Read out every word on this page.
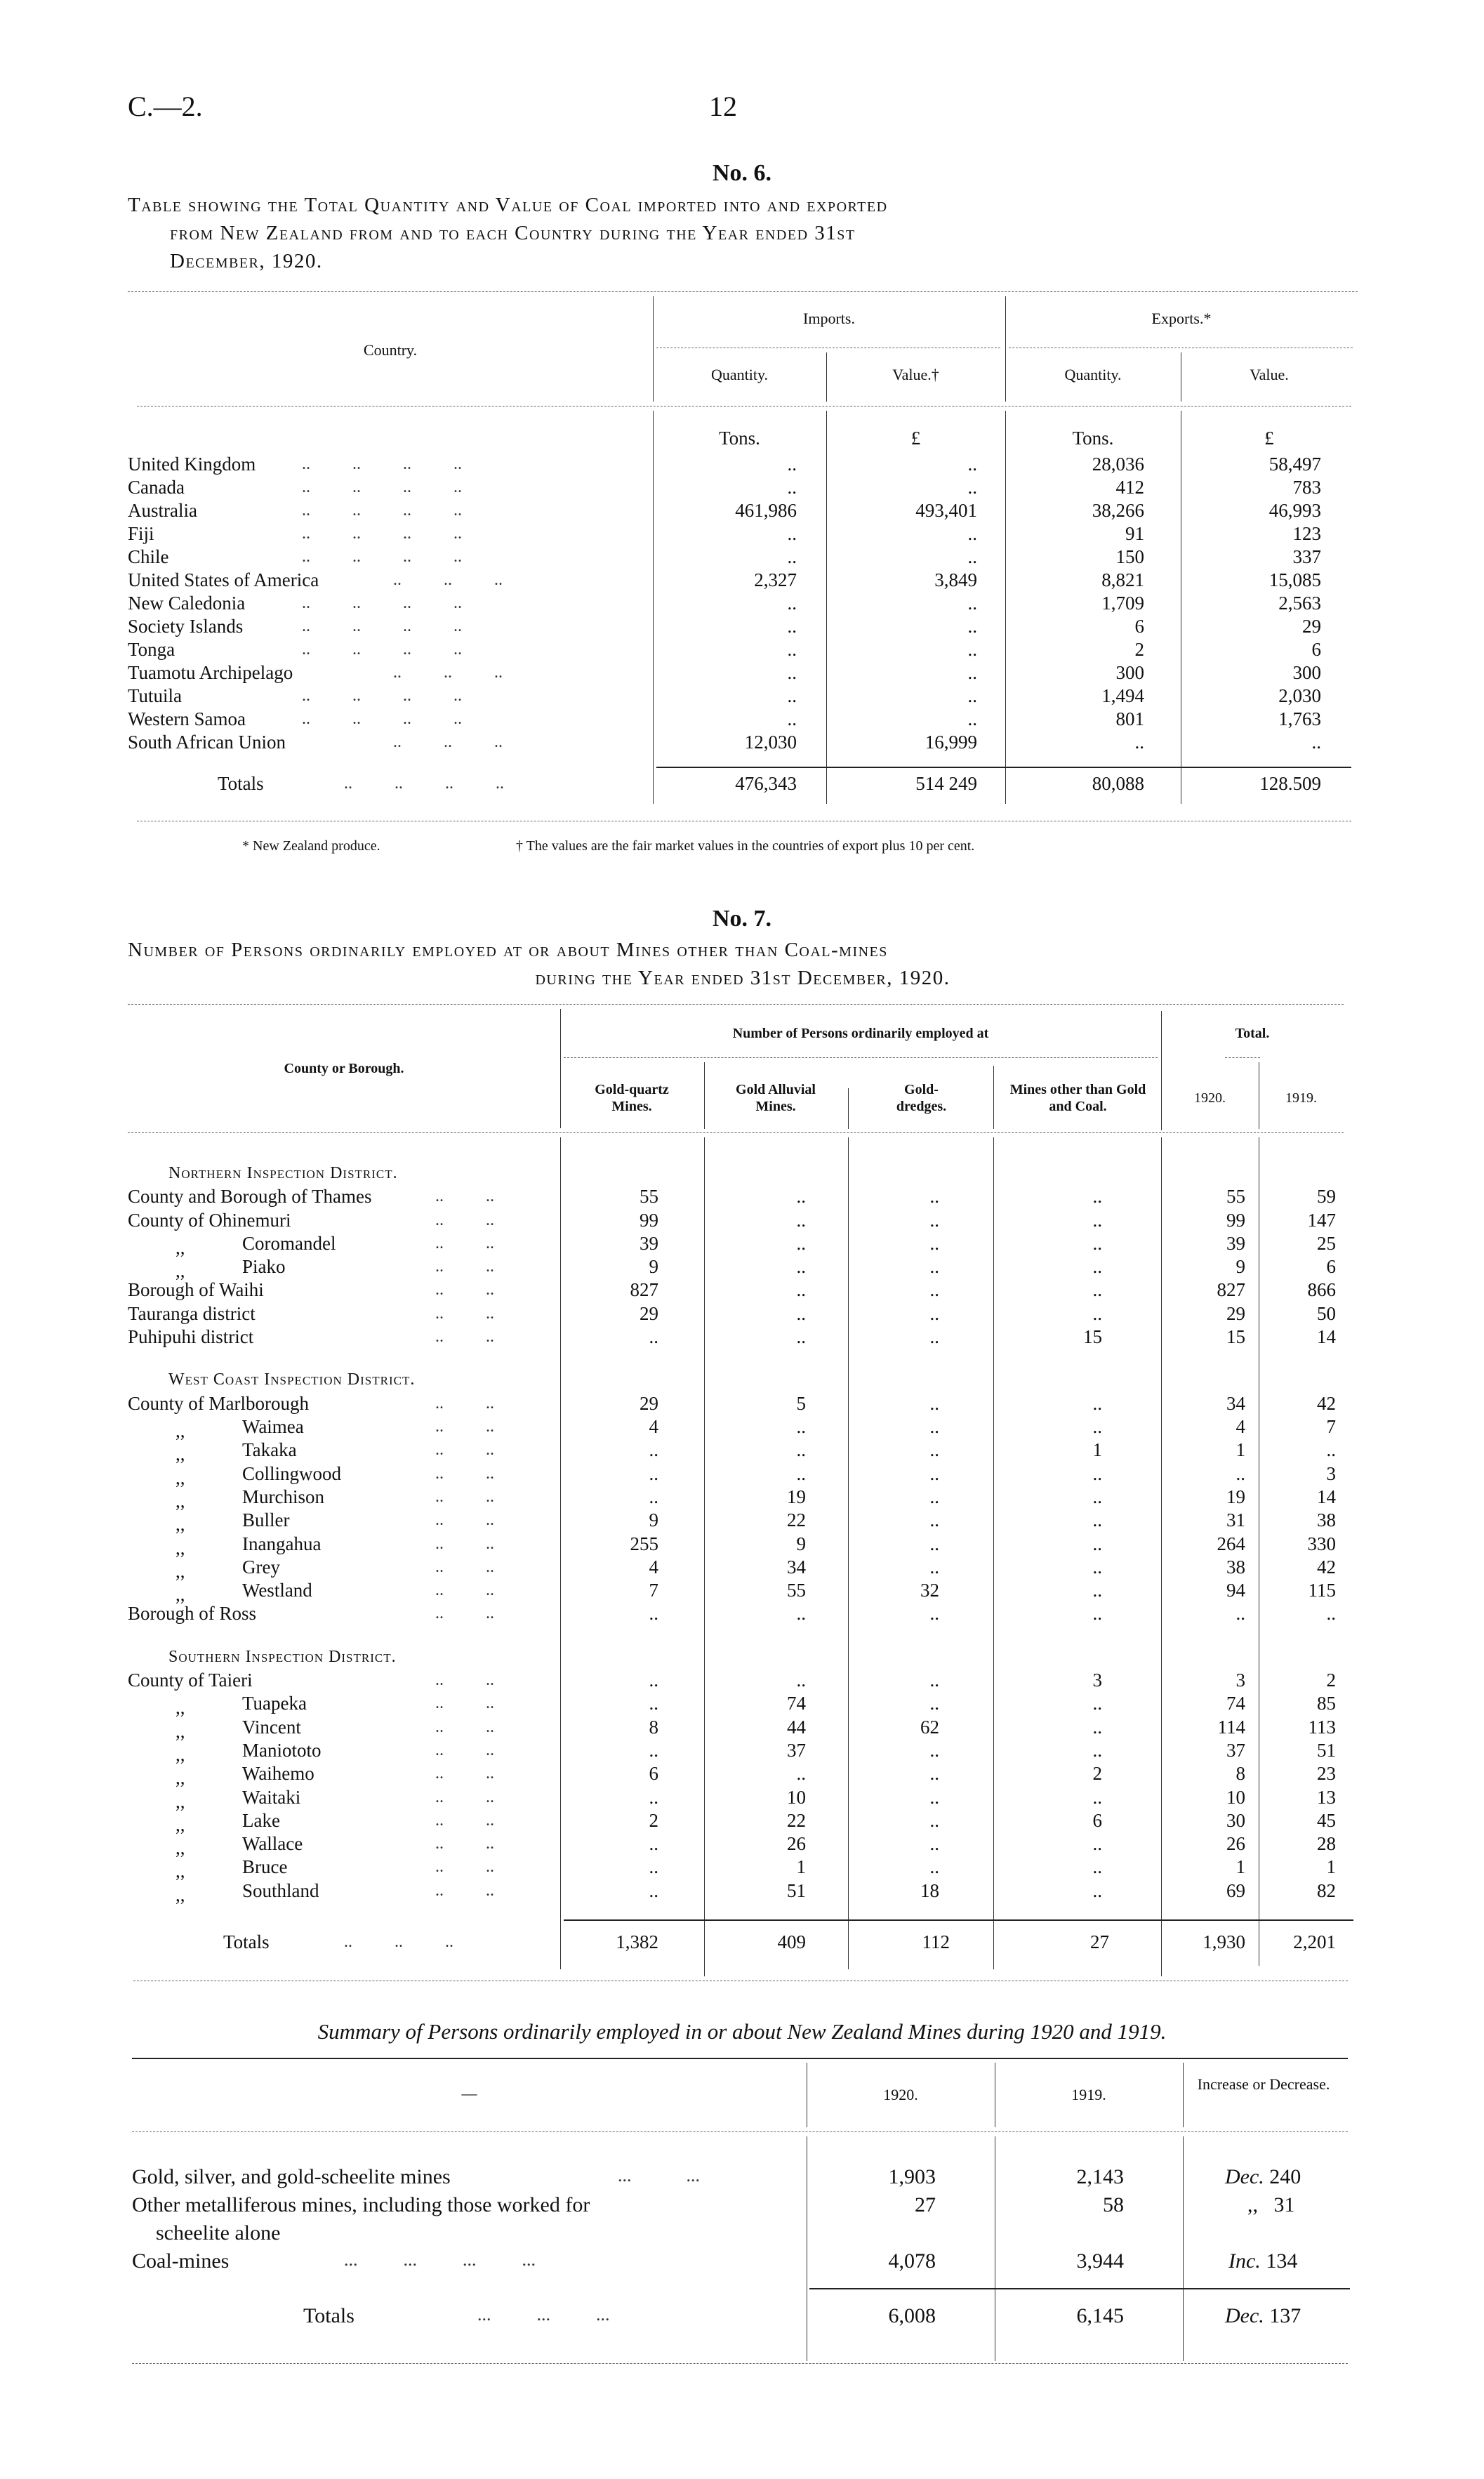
C.—2.	12
No. 6.
Table showing the Total Quantity and Value of Coal imported into and exported
from New Zealand from and to each Country during the Year ended 31st
December, 1920.
Country.
Imports.	Exports.*
Quantity.	Value.†	Quantity.	Value.
Tons.	£	Tons.	£
United Kingdom	..          ..          ..          ..	..	..	28,036	58,497
Canada	..          ..          ..          ..	..	..	412	783
Australia	..          ..          ..          ..	461,986	493,401	38,266	46,993
Fiji	..          ..          ..          ..	..	..	91	123
Chile	..          ..          ..          ..	..	..	150	337
United States of America	..          ..          ..	2,327	3,849	8,821	15,085
New Caledonia	..          ..          ..          ..	..	..	1,709	2,563
Society Islands	..          ..          ..          ..	..	..	6	29
Tonga	..          ..          ..          ..	..	..	2	6
Tuamotu Archipelago	..          ..          ..	..	..	300	300
Tutuila	..          ..          ..          ..	..	..	1,494	2,030
Western Samoa	..          ..          ..          ..	..	..	801	1,763
South African Union	..          ..          ..	12,030	16,999	..	..
Totals	..          ..          ..          ..	476,343	514 249	80,088	128.509
* New Zealand produce.	† The values are the fair market values in the countries of export plus 10 per cent.
No. 7.
Number of Persons ordinarily employed at or about Mines other than Coal-mines
during the Year ended 31st December, 1920.
County or Borough.
Number of Persons ordinarily employed at	Total.
Gold-quartz Mines.
Gold Alluvial Mines.
Gold-dredges.
Mines other than Gold and Coal.
1920.	1919.
Northern Inspection District.
County and Borough of Thames	..          ..	55	..	..	..	55	59
County of Ohinemuri	..          ..	99	..	..	..	99	147
,,	Coromandel	..          ..	39	..	..	..	39	25
,,	Piako	..          ..	9	..	..	..	9	6
Borough of Waihi	..          ..	827	..	..	..	827	866
Tauranga district	..          ..	29	..	..	..	29	50
Puhipuhi district	..          ..	..	..	..	15	15	14
West Coast Inspection District.
County of Marlborough	..          ..	29	5	..	..	34	42
,,	Waimea	..          ..	4	..	..	..	4	7
,,	Takaka	..          ..	..	..	..	1	1	..
,,	Collingwood	..          ..	..	..	..	..	..	3
,,	Murchison	..          ..	..	19	..	..	19	14
,,	Buller	..          ..	9	22	..	..	31	38
,,	Inangahua	..          ..	255	9	..	..	264	330
,,	Grey	..          ..	4	34	..	..	38	42
,,	Westland	..          ..	7	55	32	..	94	115
Borough of Ross	..          ..	..	..	..	..	..	..
Southern Inspection District.
County of Taieri	..          ..	..	..	..	3	3	2
,,	Tuapeka	..          ..	..	74	..	..	74	85
,,	Vincent	..          ..	8	44	62	..	114	113
,,	Maniototo	..          ..	..	37	..	..	37	51
,,	Waihemo	..          ..	6	..	..	2	8	23
,,	Waitaki	..          ..	..	10	..	..	10	13
,,	Lake	..          ..	2	22	..	6	30	45
,,	Wallace	..          ..	..	26	..	..	26	28
,,	Bruce	..          ..	..	1	..	..	1	1
,,	Southland	..          ..	..	51	18	..	69	82
Totals	..          ..          ..	1,382	409	112	27	1,930	2,201
Summary of Persons ordinarily employed in or about New Zealand Mines during 1920 and 1919.
—	1920.	1919.
Increase or Decrease.
Gold, silver, and gold-scheelite mines	...            ...	1,903	2,143	Dec. 240
Other metalliferous mines, including those worked for
scheelite alone
27	58	,, 31
Coal-mines	...          ...          ...          ...	4,078	3,944	Inc. 134
Totals	...          ...          ...	6,008	6,145	Dec. 137
